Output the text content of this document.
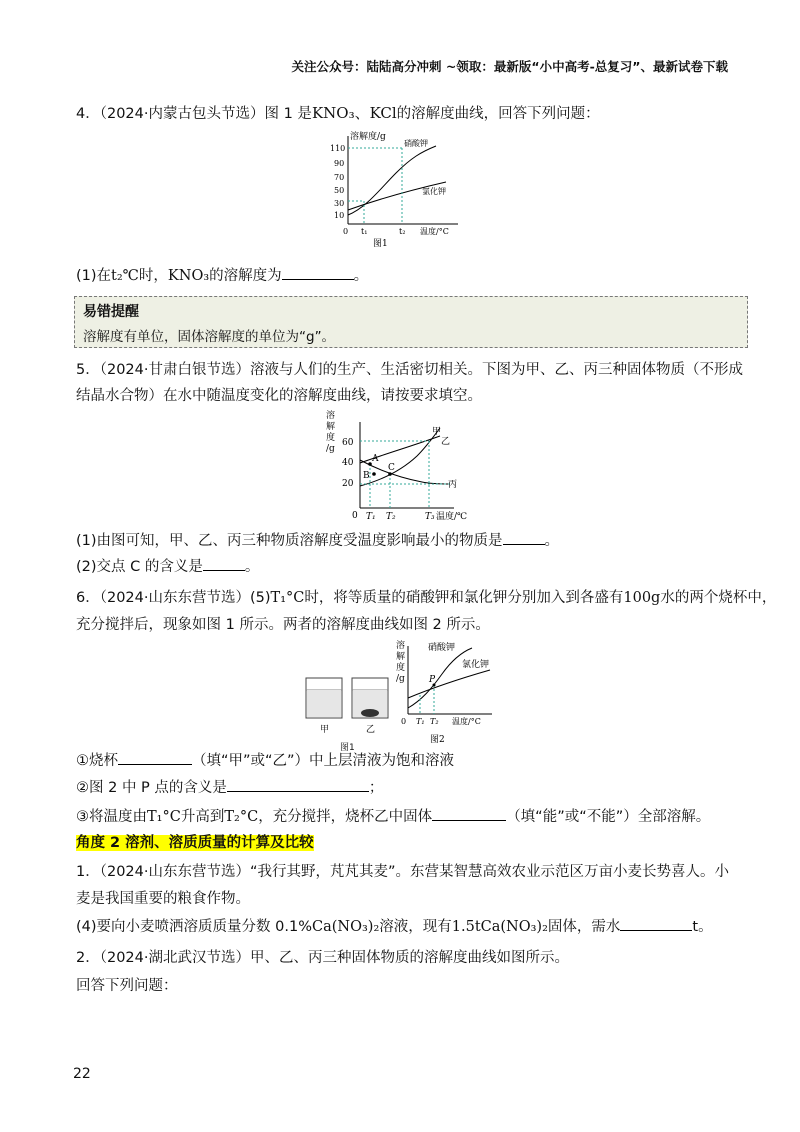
关注公众号：陆陆高分冲刺 ~领取：最新版“小中高考-总复习”、最新试卷下载
4．（2024·内蒙古包头节选）图 1 是KNO₃、KCl的溶解度曲线，回答下列问题：
溶解度/g
110
90
70
50
30
10
0 t₁	t₂ 温度/°C
硝酸钾
氯化钾
图1
(1)在t₂℃时，KNO₃的溶解度为	。
易错提醒
溶解度有单位，固体溶解度的单位为“g”。
5．（2024·甘肃白银节选）溶液与人们的生产、生活密切相关。下图为甲、乙、丙三种固体物质（不形成
结晶水合物）在水中随温度变化的溶解度曲线，请按要求填空。
溶
解
度
/g
60
40
20
0
A
B
C
甲
乙
丙
T₁ T₂	T₃ 温度/℃
(1)由图可知，甲、乙、丙三种物质溶解度受温度影响最小的物质是	。
(2)交点 C 的含义是	。
6．（2024·山东东营节选）(5)T₁°C时，将等质量的硝酸钾和氯化钾分别加入到各盛有100g水的两个烧杯中，
充分搅拌后，现象如图 1 所示。两者的溶解度曲线如图 2 所示。
甲	乙
图1
溶
解
度
/g	P
硝酸钾
氯化钾
0 T₁ T₂ 温度/°C
图2
①烧杯	（填“甲”或“乙”）中上层清液为饱和溶液
②图 2 中 P 点的含义是	；
③将温度由T₁°C升高到T₂°C，充分搅拌，烧杯乙中固体	（填“能”或“不能”）全部溶解。
角度 2 溶剂、溶质质量的计算及比较
1．（2024·山东东营节选）“我行其野，芃芃其麦”。东营某智慧高效农业示范区万亩小麦长势喜人。小
麦是我国重要的粮食作物。
(4)要向小麦喷洒溶质质量分数 0.1%Ca(NO₃)₂溶液，现有1.5tCa(NO₃)₂固体，需水	t。
2．（2024·湖北武汉节选）甲、乙、丙三种固体物质的溶解度曲线如图所示。
回答下列问题：
22
